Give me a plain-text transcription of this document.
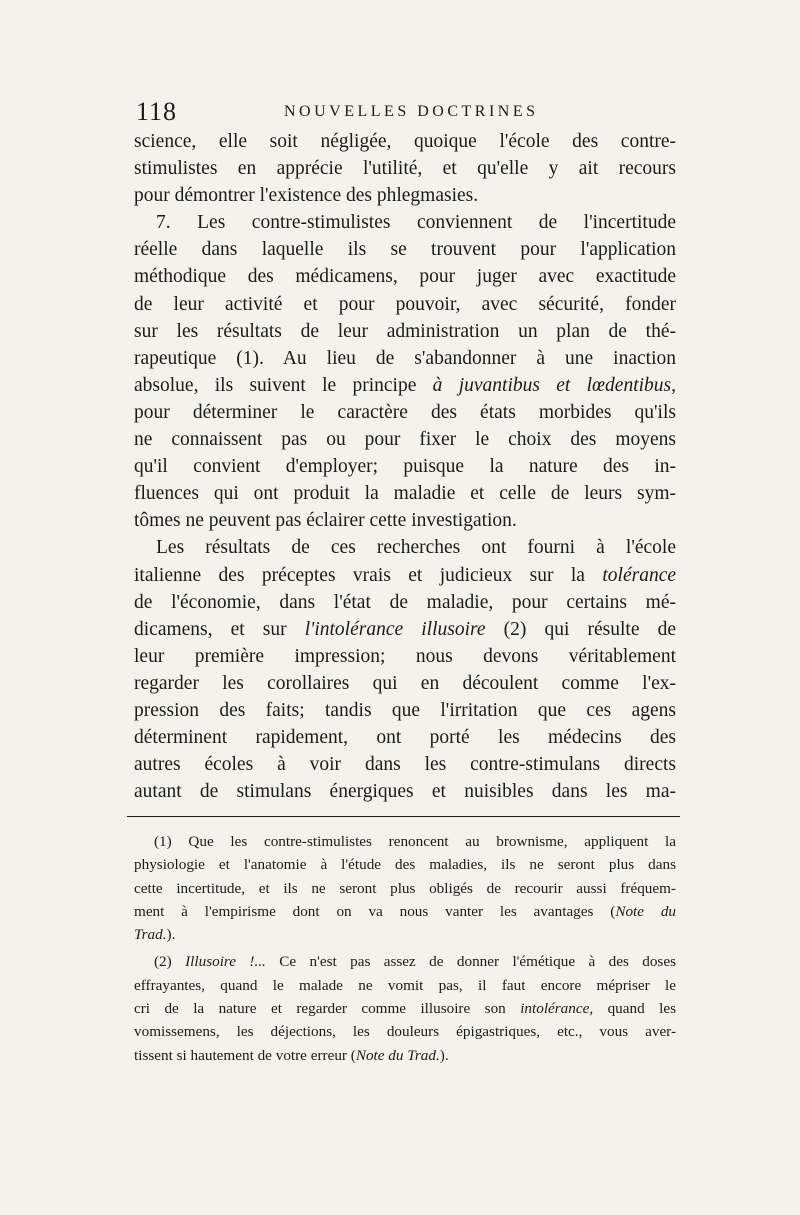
118	NOUVELLES DOCTRINES
science, elle soit négligée, quoique l'école des contre-
stimulistes en apprécie l'utilité, et qu'elle y ait recours
pour démontrer l'existence des phlegmasies.
7. Les contre-stimulistes conviennent de l'incertitude
réelle dans laquelle ils se trouvent pour l'application
méthodique des médicamens, pour juger avec exactitude
de leur activité et pour pouvoir, avec sécurité, fonder
sur les résultats de leur administration un plan de thé-
rapeutique (1). Au lieu de s'abandonner à une inaction
absolue, ils suivent le principe à juvantibus et lœdentibus,
pour déterminer le caractère des états morbides qu'ils
ne connaissent pas ou pour fixer le choix des moyens
qu'il convient d'employer; puisque la nature des in-
fluences qui ont produit la maladie et celle de leurs sym-
tômes ne peuvent pas éclairer cette investigation.
Les résultats de ces recherches ont fourni à l'école
italienne des préceptes vrais et judicieux sur la tolérance
de l'économie, dans l'état de maladie, pour certains mé-
dicamens, et sur l'intolérance illusoire (2) qui résulte de
leur première impression; nous devons véritablement
regarder les corollaires qui en découlent comme l'ex-
pression des faits; tandis que l'irritation que ces agens
déterminent rapidement, ont porté les médecins des
autres écoles à voir dans les contre-stimulans directs
autant de stimulans énergiques et nuisibles dans les ma-
(1) Que les contre-stimulistes renoncent au brownisme, appliquent la
physiologie et l'anatomie à l'étude des maladies, ils ne seront plus dans
cette incertitude, et ils ne seront plus obligés de recourir aussi fréquem-
ment à l'empirisme dont on va nous vanter les avantages (Note du
Trad.).
(2) Illusoire !... Ce n'est pas assez de donner l'émétique à des doses
effrayantes, quand le malade ne vomit pas, il faut encore mépriser le
cri de la nature et regarder comme illusoire son intolérance, quand les
vomissemens, les déjections, les douleurs épigastriques, etc., vous aver-
tissent si hautement de votre erreur (Note du Trad.).
